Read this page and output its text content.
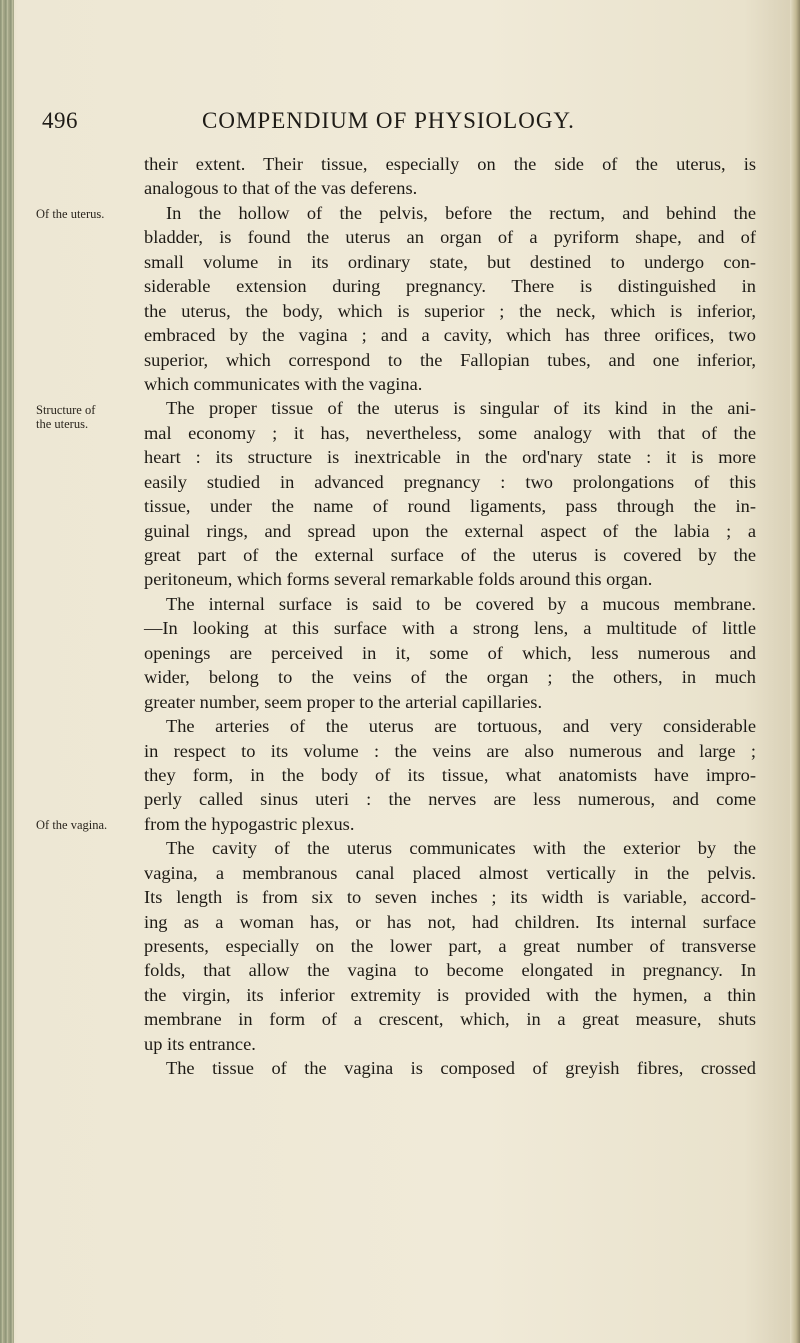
496	COMPENDIUM OF PHYSIOLOGY.
Of the uterus.
Structure of
the uterus.
Of the vagina.
their extent. Their tissue, especially on the side of the uterus, is
analogous to that of the vas deferens.
In the hollow of the pelvis, before the rectum, and behind the
bladder, is found the uterus an organ of a pyriform shape, and of
small volume in its ordinary state, but destined to undergo con-
siderable extension during pregnancy. There is distinguished in
the uterus, the body, which is superior ; the neck, which is inferior,
embraced by the vagina ; and a cavity, which has three orifices, two
superior, which correspond to the Fallopian tubes, and one inferior,
which communicates with the vagina.
The proper tissue of the uterus is singular of its kind in the ani-
mal economy ; it has, nevertheless, some analogy with that of the
heart : its structure is inextricable in the ord'nary state : it is more
easily studied in advanced pregnancy : two prolongations of this
tissue, under the name of round ligaments, pass through the in-
guinal rings, and spread upon the external aspect of the labia ; a
great part of the external surface of the uterus is covered by the
peritoneum, which forms several remarkable folds around this organ.
The internal surface is said to be covered by a mucous membrane.
—In looking at this surface with a strong lens, a multitude of little
openings are perceived in it, some of which, less numerous and
wider, belong to the veins of the organ ; the others, in much
greater number, seem proper to the arterial capillaries.
The arteries of the uterus are tortuous, and very considerable
in respect to its volume : the veins are also numerous and large ;
they form, in the body of its tissue, what anatomists have impro-
perly called sinus uteri : the nerves are less numerous, and come
from the hypogastric plexus.
The cavity of the uterus communicates with the exterior by the
vagina, a membranous canal placed almost vertically in the pelvis.
Its length is from six to seven inches ; its width is variable, accord-
ing as a woman has, or has not, had children. Its internal surface
presents, especially on the lower part, a great number of transverse
folds, that allow the vagina to become elongated in pregnancy. In
the virgin, its inferior extremity is provided with the hymen, a thin
membrane in form of a crescent, which, in a great measure, shuts
up its entrance.
The tissue of the vagina is composed of greyish fibres, crossed
